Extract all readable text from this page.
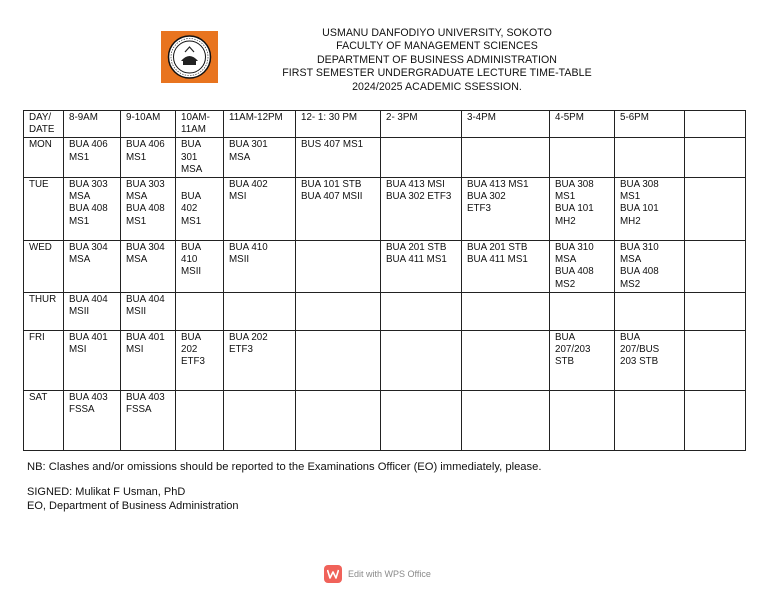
USMANU DANFODIYO UNIVERSITY, SOKOTO
FACULTY OF MANAGEMENT SCIENCES
DEPARTMENT OF BUSINESS ADMINISTRATION
FIRST SEMESTER UNDERGRADUATE LECTURE TIME-TABLE
2024/2025 ACADEMIC SSESSION.
DAY/
DATE	8-9AM	9-10AM	10AM-
11AM	11AM-12PM	12- 1: 30 PM	2- 3PM	3-4PM	4-5PM	5-6PM	
MON	BUA 406
MS1	BUA 406
MS1	BUA
301
MSA	BUA 301
MSA	BUS 407 MS1					
TUE	BUA 303
MSA
BUA 408
MS1	BUA 303
MSA
BUA 408
MS1	
BUA
402
MS1	BUA 402
MSI	BUA 101 STB
BUA 407 MSII	BUA 413 MSI
BUA 302 ETF3	BUA 413 MS1
BUA 302
ETF3	BUA 308
MS1
BUA 101
MH2	BUA 308
MS1
BUA 101
MH2	
WED	BUA 304
MSA	BUA 304
MSA	BUA
410
MSII	BUA 410
MSII		BUA 201 STB
BUA 411 MS1	BUA 201 STB
BUA 411 MS1	BUA 310
MSA
BUA 408
MS2	BUA 310
MSA
BUA 408
MS2	
THUR	BUA 404
MSII	BUA 404
MSII								
FRI	BUA 401
MSI	BUA 401
MSI	BUA
202
ETF3	BUA 202
ETF3				BUA
207/203
STB	BUA
207/BUS
203 STB	
SAT	BUA 403
FSSA	BUA 403
FSSA								
NB: Clashes and/or omissions should be reported to the Examinations Officer (EO) immediately, please.
SIGNED: Mulikat F Usman, PhD
EO, Department of Business Administration
Edit with WPS Office
